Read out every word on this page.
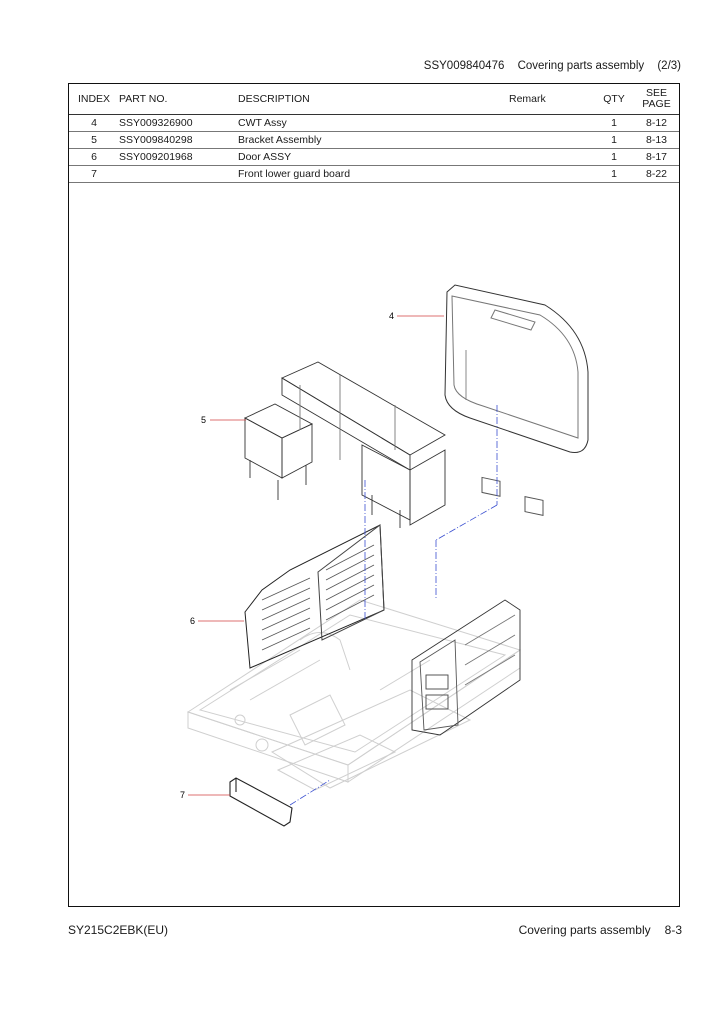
SSY009840476 Covering parts assembly (2/3)
INDEX	PART NO.	DESCRIPTION	Remark	QTY	SEE
PAGE

4	SSY009326900	CWT Assy		1	8-12
5	SSY009840298	Bracket Assembly		1	8-13
6	SSY009201968	Door ASSY		1	8-17
7		Front lower guard board		1	8-22
4
5
6
7
SY215C2EBK(EU)	Covering parts assembly 8-3
